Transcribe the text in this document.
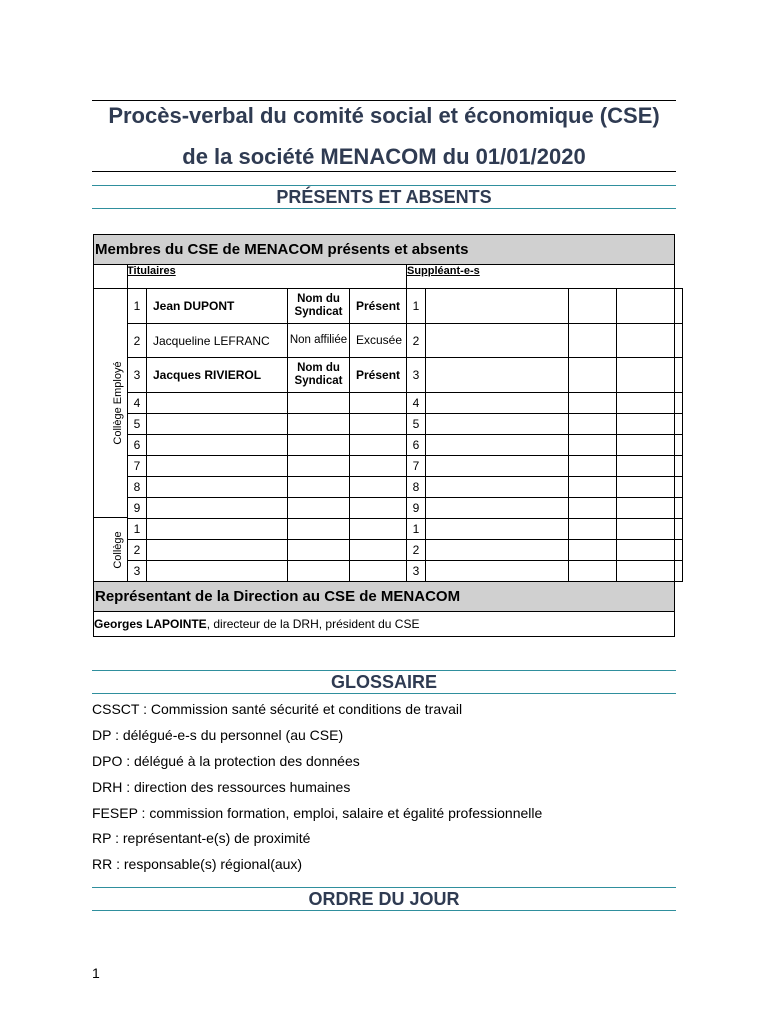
Procès-verbal du comité social et économique (CSE)
de la société MENACOM du 01/01/2020
PRÉSENTS ET ABSENTS
Membres du CSE de MENACOM présents et absents
Titulaires	Suppléant-e-s
Collège Employé
Collège
1	Jean DUPONT	Nom du Syndicat	Présent	1			
2	Jacqueline LEFRANC	Non affiliée	Excusée	2			
3	Jacques RIVIEROL	Nom du Syndicat	Présent	3			
4				4			
5				5			
6				6			
7				7			
8				8			
9				9			
1				1			
2				2			
3				3			
Représentant de la Direction au CSE de MENACOM
Georges LAPOINTE, directeur de la DRH, président du CSE
GLOSSAIRE
CSSCT : Commission santé sécurité et conditions de travail
DP : délégué-e-s du personnel (au CSE)
DPO : délégué à la protection des données
DRH : direction des ressources humaines
FESEP : commission formation, emploi, salaire et égalité professionnelle
RP : représentant-e(s) de proximité
RR : responsable(s) régional(aux)
ORDRE DU JOUR
1
